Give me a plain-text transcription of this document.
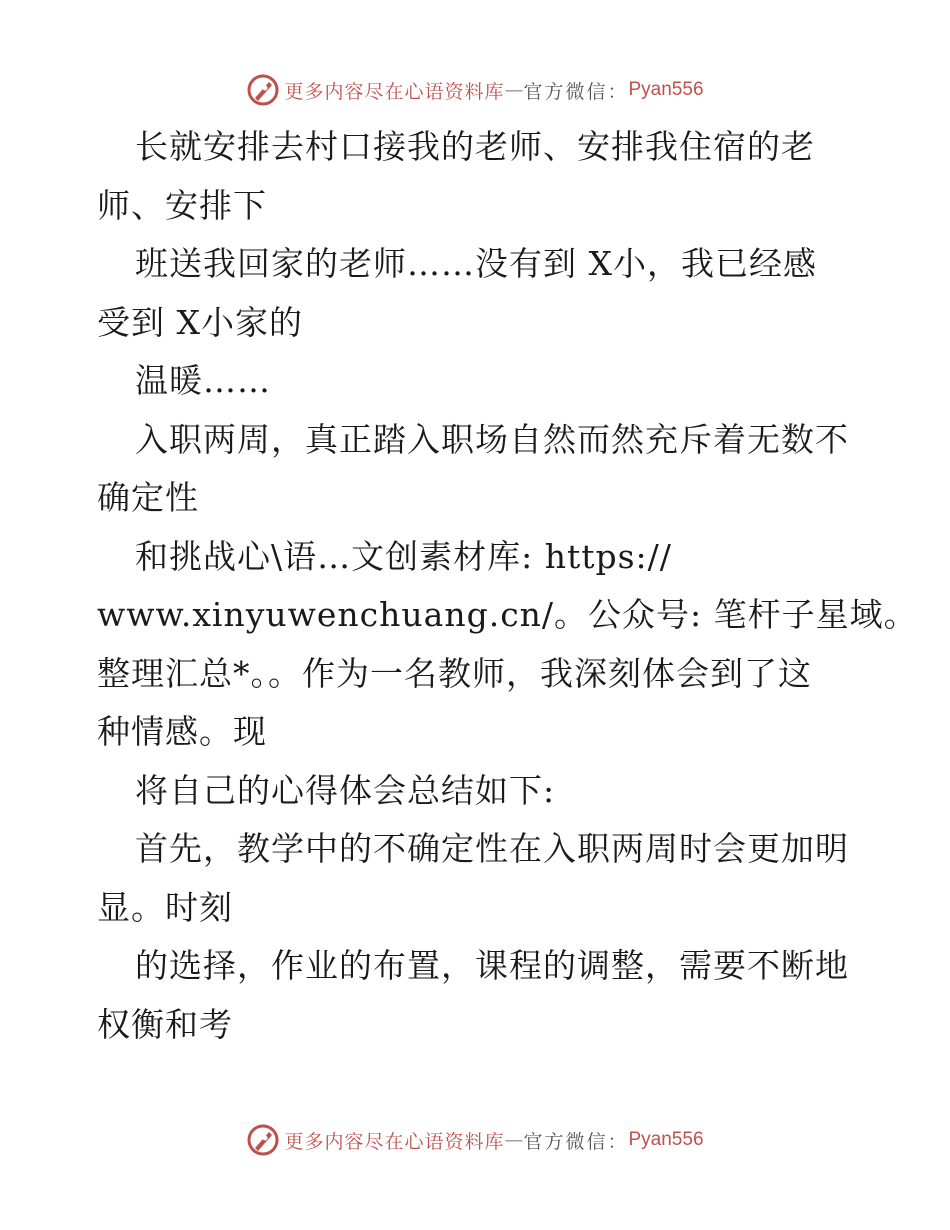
更多内容尽在心语资料库 — 官方微信： Pyan556
长就安排去村口接我的老师、安排我住宿的老
师、安排下
班送我回家的老师……没有到 X小，我已经感
受到 X小家的
温暖……
入职两周，真正踏入职场自然而然充斥着无数不
确定性
和挑战心\语…文创素材库: https://
www.xinyuwenchuang.cn/。公众号: 笔杆子星域。
整理汇总*。。作为一名教师，我深刻体会到了这
种情感。现
将自己的心得体会总结如下:
首先，教学中的不确定性在入职两周时会更加明
显。时刻
的选择，作业的布置，课程的调整，需要不断地
权衡和考
更多内容尽在心语资料库 — 官方微信： Pyan556
